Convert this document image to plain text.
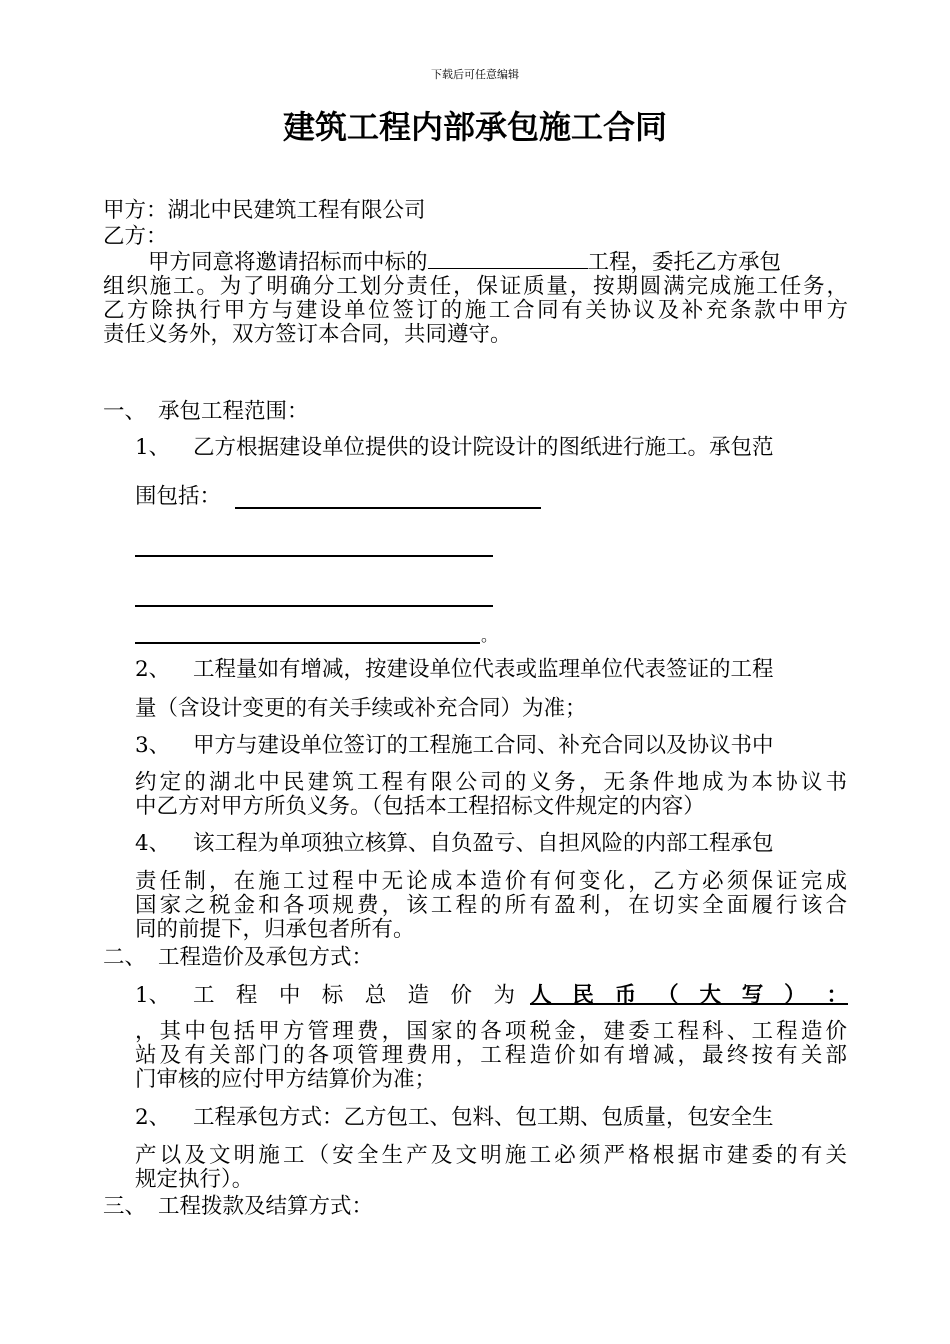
下载后可任意编辑
建筑工程内部承包施工合同
甲方：湖北中民建筑工程有限公司
乙方：
甲方同意将邀请招标而中标的	工程，委托乙方承包
组织施工。为了明确分工划分责任，保证质量，按期圆满完成施工任务，
乙方除执行甲方与建设单位签订的施工合同有关协议及补充条款中甲方
责任义务外，双方签订本合同，共同遵守。
一、 承包工程范围：
1、 乙方根据建设单位提供的设计院设计的图纸进行施工。承包范
围包括：
。
2、 工程量如有增减，按建设单位代表或监理单位代表签证的工程
量（含设计变更的有关手续或补充合同）为准；
3、 甲方与建设单位签订的工程施工合同、补充合同以及协议书中
约定的湖北中民建筑工程有限公司的义务，无条件地成为本协议书
中乙方对甲方所负义务。（包括本工程招标文件规定的内容）
4、 该工程为单项独立核算、自负盈亏、自担风险的内部工程承包
责任制，在施工过程中无论成本造价有何变化，乙方必须保证完成
国家之税金和各项规费，该工程的所有盈利，在切实全面履行该合
同的前提下，归承包者所有。
二、 工程造价及承包方式：
1、 工 程 中 标 总 造 价 为 人 民 币 （ 大 写 ） ：
，其中包括甲方管理费，国家的各项税金，建委工程科、工程造价
站及有关部门的各项管理费用，工程造价如有增减，最终按有关部
门审核的应付甲方结算价为准；
2、 工程承包方式：乙方包工、包料、包工期、包质量，包安全生
产以及文明施工（安全生产及文明施工必须严格根据市建委的有关
规定执行）。
三、 工程拨款及结算方式：
